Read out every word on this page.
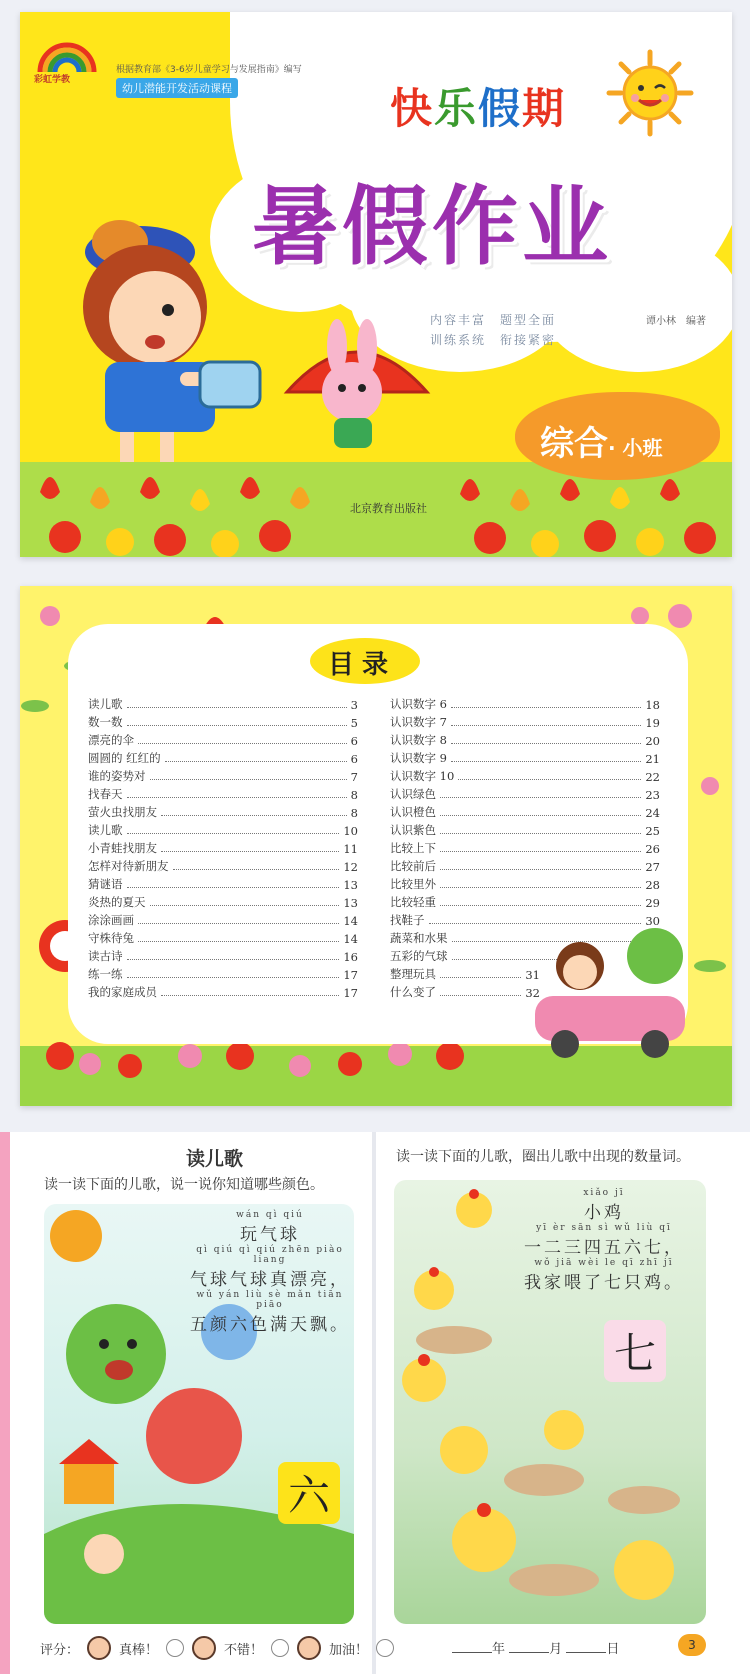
彩虹学教
根据教育部《3-6岁儿童学习与发展指南》编写
幼儿潜能开发活动课程	快乐假期
暑假作业
内容丰富　题型全面
训练系统　衔接紧密
谭小林　编著
综合· 小班
北京教育出版社
目录
读儿歌	3
数一数	5
漂亮的伞	6
圆圆的 红红的	6
谁的姿势对	7
找春天	8
萤火虫找朋友	8
读儿歌	10
小青蛙找朋友	11
怎样对待新朋友	12
猜谜语	13
炎热的夏天	13
涂涂画画	14
守株待兔	14
读古诗	16
练一练	17
我的家庭成员	17
认识数字 6	18
认识数字 7	19
认识数字 8	20
认识数字 9	21
认识数字 10	22
认识绿色	23
认识橙色	24
认识紫色	25
比较上下	26
比较前后	27
比较里外	28
比较轻重	29
找鞋子	30
蔬菜和水果
五彩的气球
整理玩具	31
什么变了	32
读儿歌
读一读下面的儿歌，说一说你知道哪些颜色。
wán qì qiú
玩气球
qì qiú qì qiú zhēn piào liang
气球气球真漂亮，
wǔ yán liù sè mǎn tiān piāo
五颜六色满天飘。
六
读一读下面的儿歌，圈出儿歌中出现的数量词。
xiǎo jī
小鸡
yī èr sān sì wǔ liù qī
一二三四五六七，
wǒ jiā wèi le qī zhī jī
我家喂了七只鸡。
七
评分：	真棒！	不错！	加油！	年	月	日	3
